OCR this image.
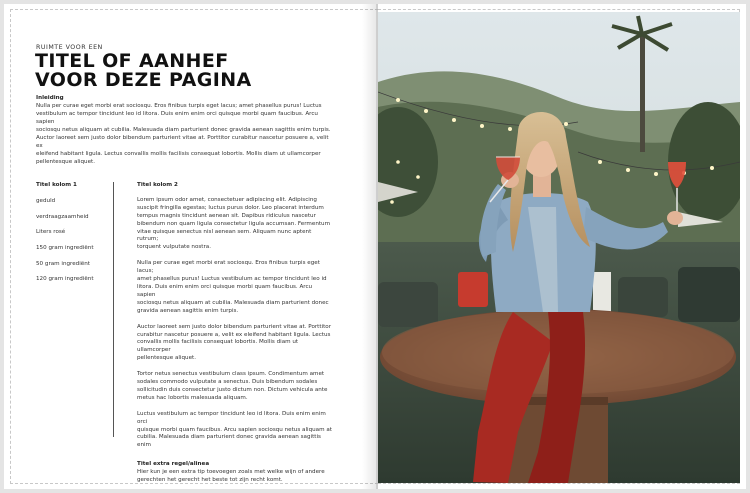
RUIMTE VOOR EEN
TITEL OF AANHEF
VOOR DEZE PAGINA
Inleiding
Nulla per curae eget morbi erat sociosqu. Eros finibus turpis eget lacus; amet phasellus purus! Luctus
vestibulum ac tempor tincidunt leo id litora. Duis enim enim orci quisque morbi quam faucibus. Arcu sapien
sociosqu netus aliquam at cubilia. Malesuada diam parturient donec gravida aenean sagittis enim turpis.
Auctor laoreet sem justo dolor bibendum parturient vitae at. Porttitor curabitur nascetur posuere a, velit ex
eleifend habitant ligula. Lectus convallis mollis facilisis consequat lobortis. Mollis diam ut ullamcorper
pellentesque aliquet.
Titel kolom 1
geduld
verdraagzaamheid
Liters rosé
150 gram ingrediënt
50 gram ingrediënt
120 gram ingrediënt
Titel kolom 2

Lorem ipsum odor amet, consectetuer adipiscing elit. Adipiscing
suscipit fringilla egestas; luctus purus dolor. Leo placerat interdum
tempus magnis tincidunt aenean sit. Dapibus ridiculus nascetur
bibendum non quam ligula consectetur ligula accumsan. Fermentum
vitae quisque senectus nisl aenean sem. Aliquam nunc aptent rutrum;
torquent vulputate nostra.

Nulla per curae eget morbi erat sociosqu. Eros finibus turpis eget lacus;
amet phasellus purus! Luctus vestibulum ac tempor tincidunt leo id
litora. Duis enim enim orci quisque morbi quam faucibus. Arcu sapien
sociosqu netus aliquam at cubilia. Malesuada diam parturient donec
gravida aenean sagittis enim turpis.

Auctor laoreet sem justo dolor bibendum parturient vitae at. Porttitor
curabitur nascetur posuere a, velit ex eleifend habitant ligula. Lectus
convallis mollis facilisis consequat lobortis. Mollis diam ut ullamcorper
pellentesque aliquet.

Tortor netus senectus vestibulum class ipsum. Condimentum amet
sodales commodo vulputate a senectus. Duis bibendum sodales
sollicitudin duis consectetur justo dictum non. Dictum vehicula ante
metus hac lobortis malesuada aliquam.

Luctus vestibulum ac tempor tincidunt leo id litora. Duis enim enim orci
quisque morbi quam faucibus. Arcu sapien sociosqu netus aliquam at
cubilia. Malesuada diam parturient donec gravida aenean sagittis enim

Titel extra regel/alinea
Hier kun je een extra tip toevoegen zoals met welke wijn of andere
gerechten het gerecht het beste tot zijn recht komt.
